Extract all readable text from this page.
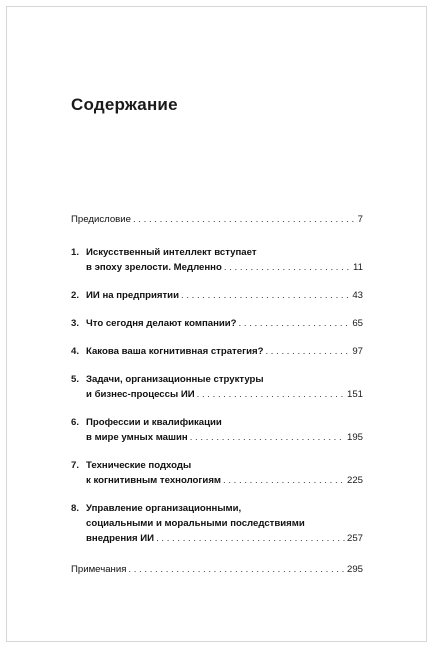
Содержание
Предисловие . . .	7
1. Искусственный интеллект вступает
в эпоху зрелости. Медленно . . .	11
2. ИИ на предприятии . . .	43
3. Что сегодня делают компании? . . .	65
4. Какова ваша когнитивная стратегия? . . .	97
5. Задачи, организационные структуры
и бизнес-процессы ИИ . . .	151
6. Профессии и квалификации
в мире умных машин . . .	195
7. Технические подходы
к когнитивным технологиям . . .	225
8. Управление организационными,
социальными и моральными последствиями
внедрения ИИ . . .	257
Примечания . . .	295
